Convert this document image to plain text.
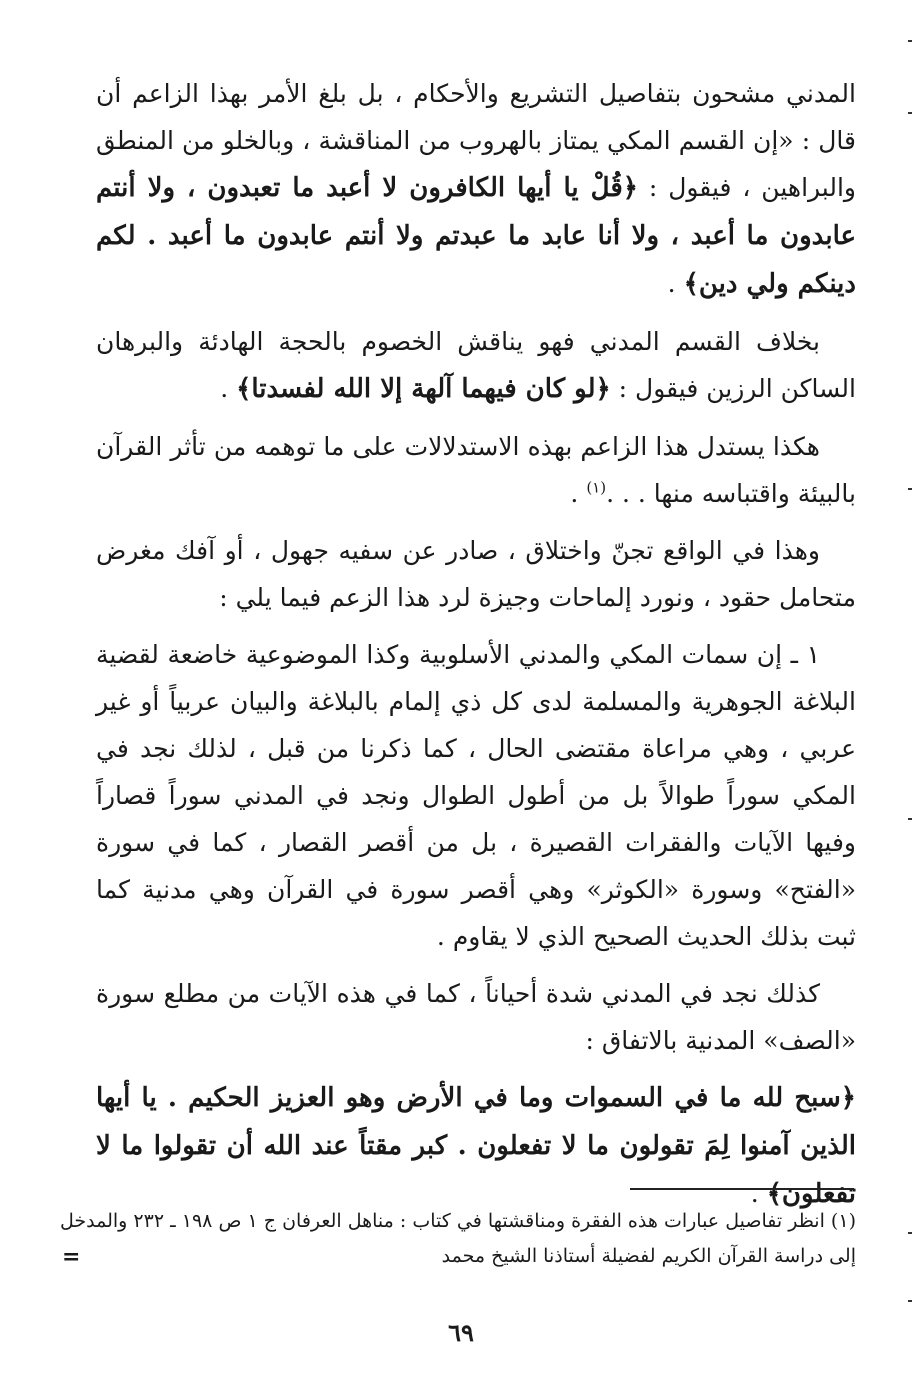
المدني مشحون بتفاصيل التشريع والأحكام ، بل بلغ الأمر بهذا الزاعم أن قال : «إن القسم المكي يمتاز بالهروب من المناقشة ، وبالخلو من المنطق والبراهين ، فيقول : ﴿قُلْ يا أيها الكافرون لا أعبد ما تعبدون ، ولا أنتم عابدون ما أعبد ، ولا أنا عابد ما عبدتم ولا أنتم عابدون ما أعبد . لكم دينكم ولي دين﴾ .

بخلاف القسم المدني فهو يناقش الخصوم بالحجة الهادئة والبرهان الساكن الرزين فيقول : ﴿لو كان فيهما آلهة إلا الله لفسدتا﴾ .

هكذا يستدل هذا الزاعم بهذه الاستدلالات على ما توهمه من تأثر القرآن بالبيئة واقتباسه منها . . .$^{(١)}$ .

وهذا في الواقع تجنّ واختلاق ، صادر عن سفيه جهول ، أو آفك مغرض متحامل حقود ، ونورد إلماحات وجيزة لرد هذا الزعم فيما يلي :

١ ـ إن سمات المكي والمدني الأسلوبية وكذا الموضوعية خاضعة لقضية البلاغة الجوهرية والمسلمة لدى كل ذي إلمام بالبلاغة والبيان عربياً أو غير عربي ، وهي مراعاة مقتضى الحال ، كما ذكرنا من قبل ، لذلك نجد في المكي سوراً طوالاً بل من أطول الطوال ونجد في المدني سوراً قصاراً وفيها الآيات والفقرات القصيرة ، بل من أقصر القصار ، كما في سورة «الفتح» وسورة «الكوثر» وهي أقصر سورة في القرآن وهي مدنية كما ثبت بذلك الحديث الصحيح الذي لا يقاوم .

كذلك نجد في المدني شدة أحياناً ، كما في هذه الآيات من مطلع سورة «الصف» المدنية بالاتفاق :

﴿سبح لله ما في السموات وما في الأرض وهو العزيز الحكيم . يا أيها الذين آمنوا لِمَ تقولون ما لا تفعلون . كبر مقتاً عند الله أن تقولوا ما لا تفعلون﴾ .

(١) انظر تفاصيل عبارات هذه الفقرة ومناقشتها في كتاب : مناهل العرفان ج ١ ص ١٩٨ ـ ٢٣٢ والمدخل إلى دراسة القرآن الكريم لفضيلة أستاذنا الشيخ محمد
=
٦٩
